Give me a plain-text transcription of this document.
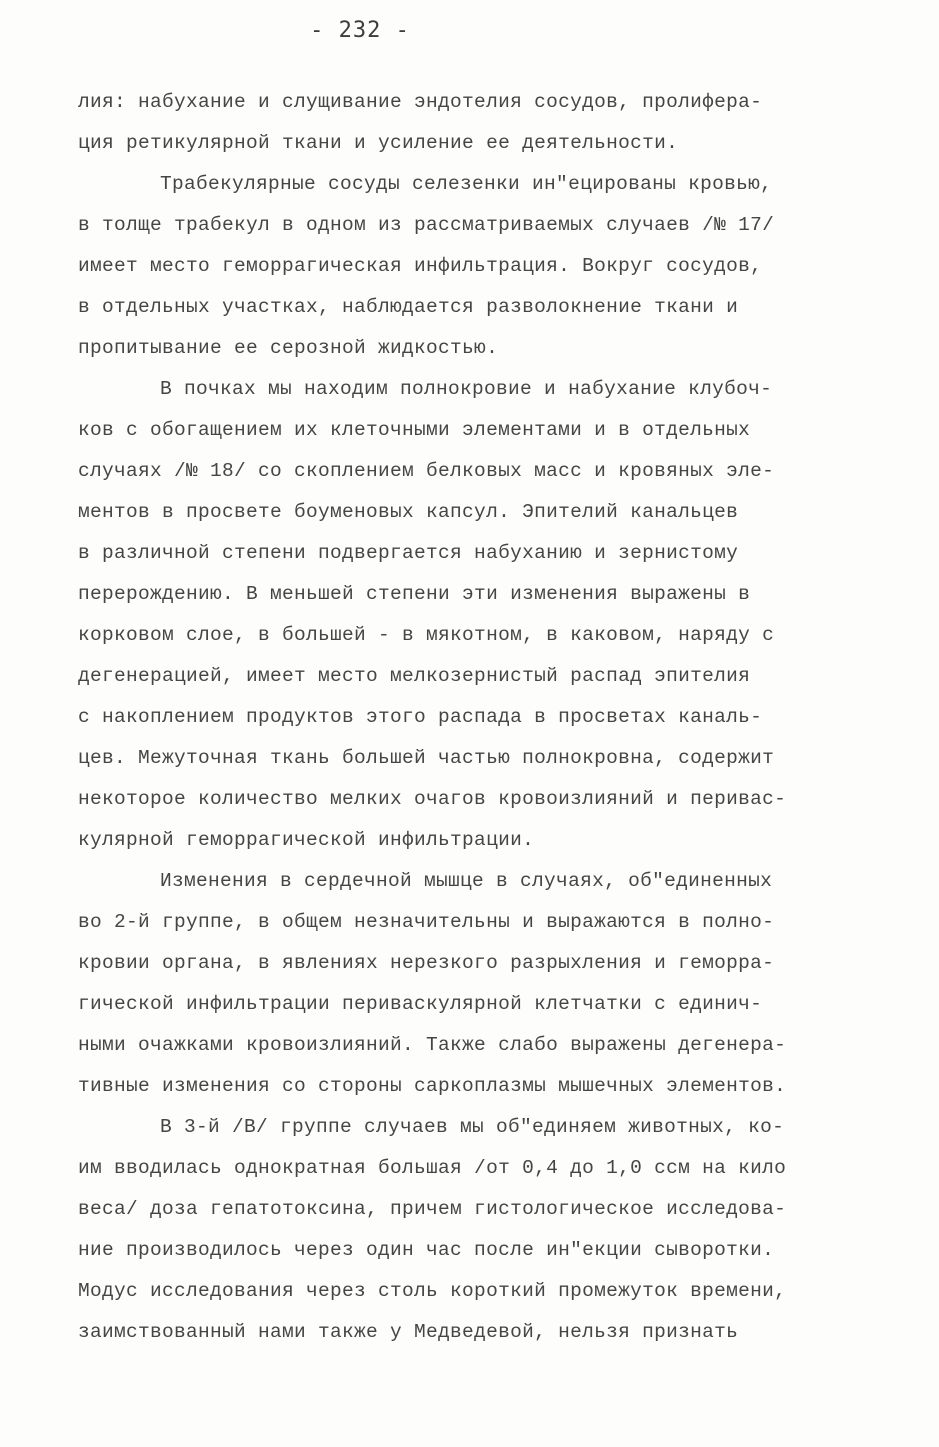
- 232 -
лия: набухание и слущивание эндотелия сосудов, пролифера-
ция ретикулярной ткани и усиление ее деятельности.
Трабекулярные сосуды селезенки ин"ецированы кровью,
в толще трабекул в одном из рассматриваемых случаев /№ 17/
имеет место геморрагическая инфильтрация. Вокруг сосудов,
в отдельных участках, наблюдается разволокнение ткани и
пропитывание ее серозной жидкостью.
В почках мы находим полнокровие и набухание клубоч-
ков с обогащением их клеточными элементами и в отдельных
случаях /№ 18/ со скоплением белковых масс и кровяных эле-
ментов в просвете боуменовых капсул. Эпителий канальцев
в различной степени подвергается набуханию и зернистому
перерождению. В меньшей степени эти изменения выражены в
корковом слое, в большей - в мякотном, в каковом, наряду с
дегенерацией, имеет место мелкозернистый распад эпителия
с накоплением продуктов этого распада в просветах каналь-
цев. Межуточная ткань большей частью полнокровна, содержит
некоторое количество мелких очагов кровоизлияний и перивас-
кулярной геморрагической инфильтрации.
Изменения в сердечной мышце в случаях, об"единенных
во 2-й группе, в общем незначительны и выражаются в полно-
кровии органа, в явлениях нерезкого разрыхления и геморра-
гической инфильтрации периваскулярной клетчатки с единич-
ными очажками кровоизлияний. Также слабо выражены дегенера-
тивные изменения со стороны саркоплазмы мышечных элементов.
В 3-й /В/ группе случаев мы об"единяем животных, ко-
им вводилась однократная большая /от 0,4 до 1,0 ccм на кило
веса/ доза гепатотоксина, причем гистологическое исследова-
ние производилось через один час после ин"екции сыворотки.
Модус исследования через столь короткий промежуток времени,
заимствованный нами также у Медведевой, нельзя признать
